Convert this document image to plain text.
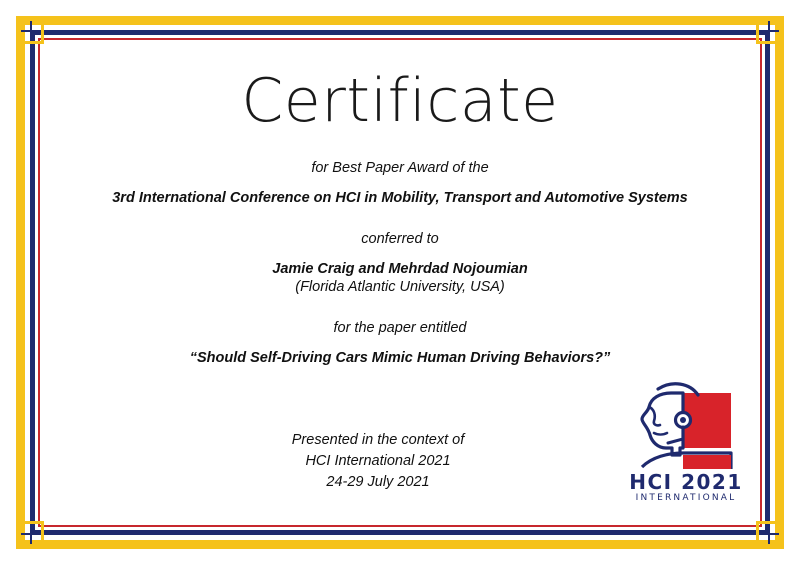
Certificate
for Best Paper Award of the
3rd International Conference on HCI in Mobility, Transport and Automotive Systems
conferred to
Jamie Craig and Mehrdad Nojoumian
(Florida Atlantic University, USA)
for the paper entitled
“Should Self-Driving Cars Mimic Human Driving Behaviors?”
Presented in the context of
HCI International 2021
24-29 July 2021	HCI 2021
INTERNATIONAL
